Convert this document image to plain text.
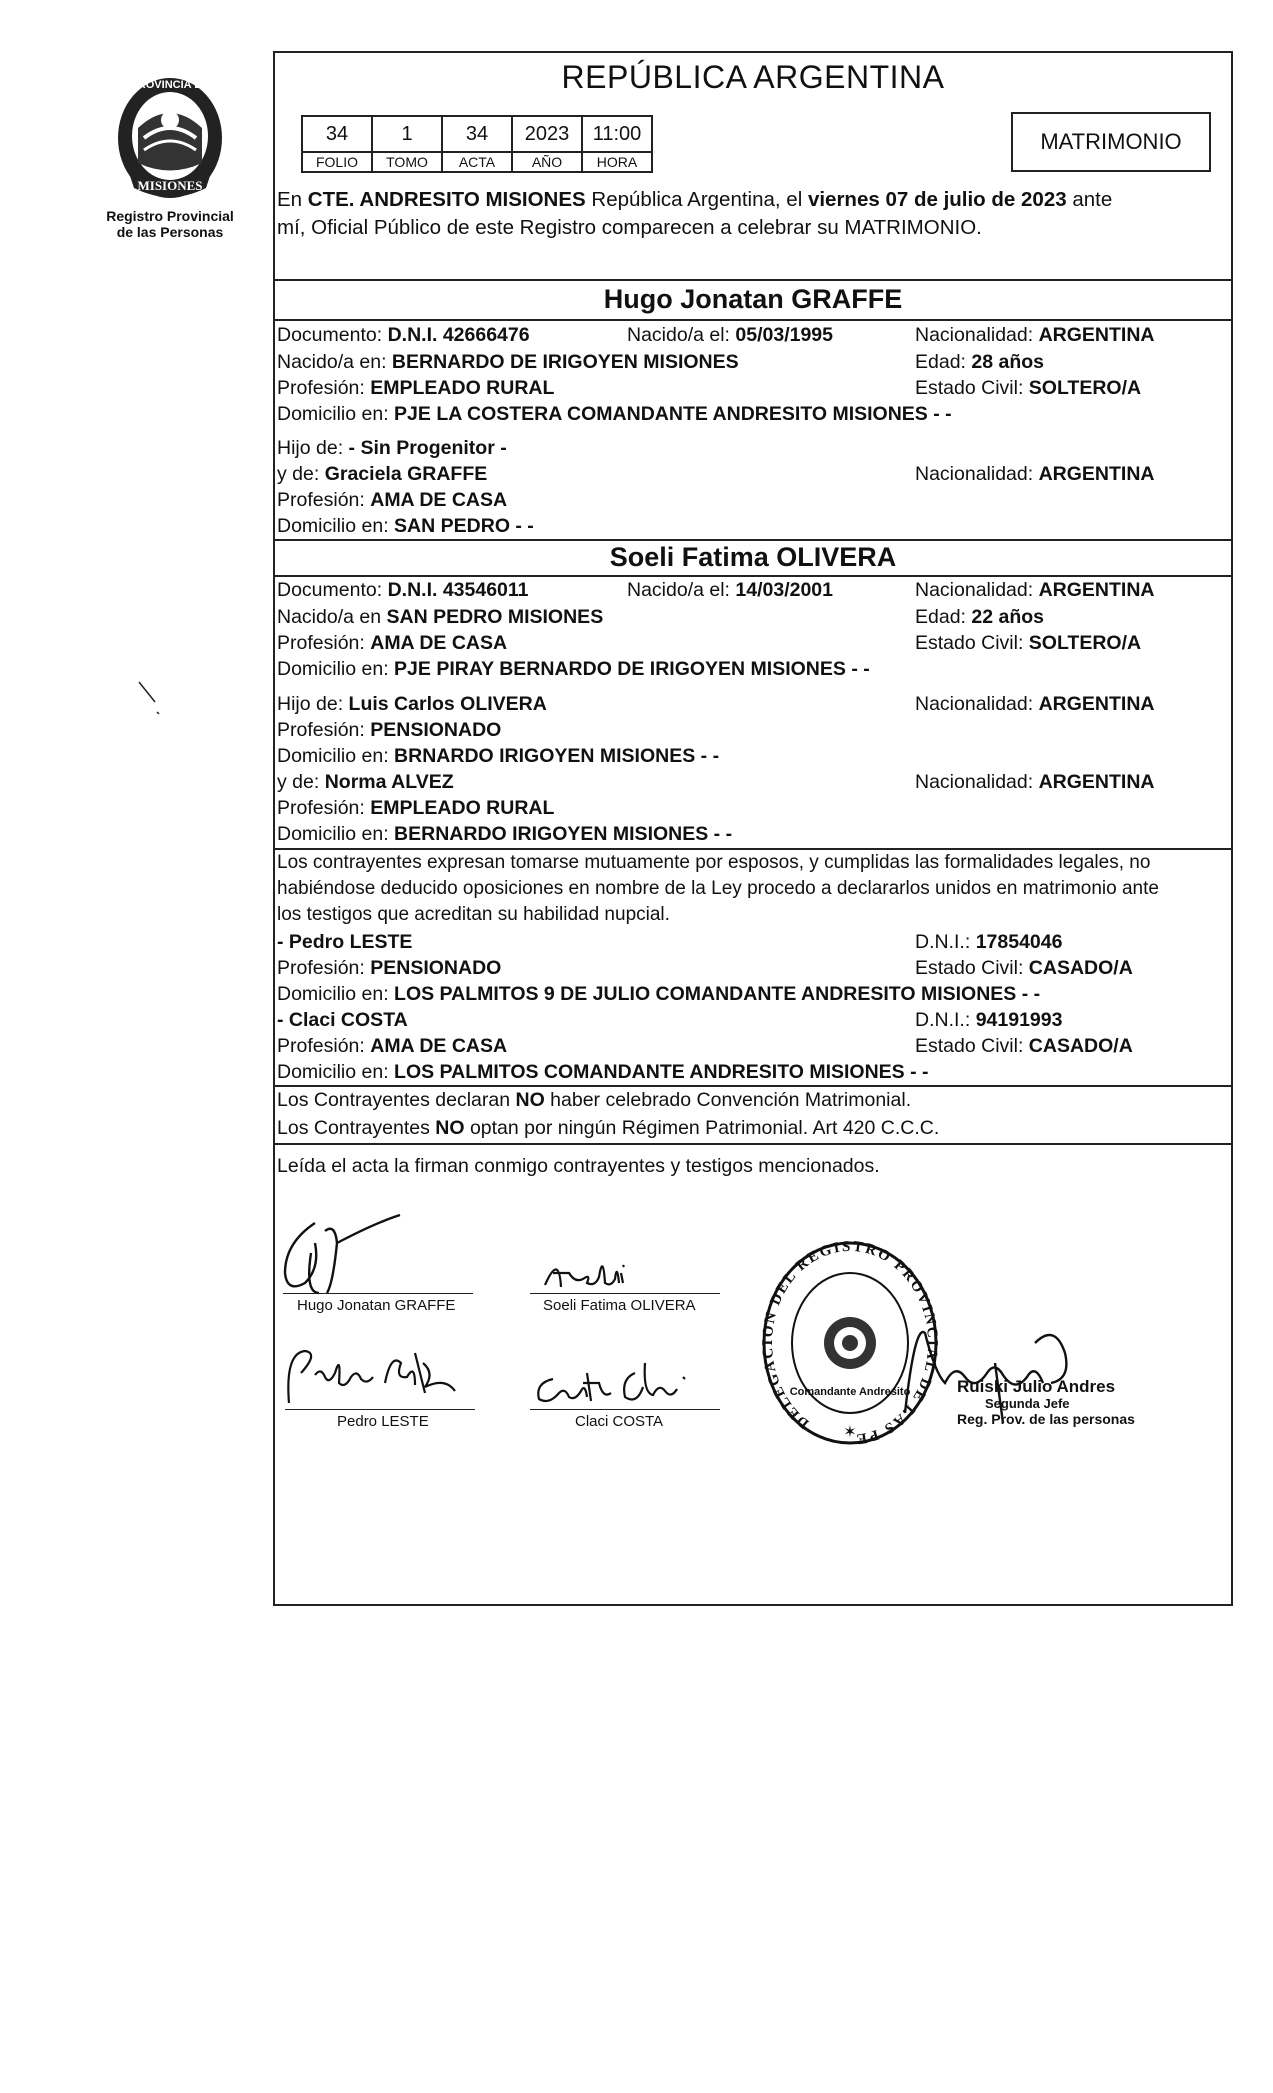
PROVINCIA DE
MISIONES
Registro Provincial
de las Personas
REPÚBLICA ARGENTINA
34	1	34	2023	11:00
FOLIO	TOMO	ACTA	AÑO	HORA
MATRIMONIO
En CTE. ANDRESITO MISIONES República Argentina, el viernes 07 de julio de 2023 ante
mí, Oficial Público de este Registro comparecen a celebrar su MATRIMONIO.
Hugo Jonatan GRAFFE
Documento: D.N.I. 42666476	Nacido/a el: 05/03/1995	Nacionalidad: ARGENTINA
Nacido/a en: BERNARDO DE IRIGOYEN MISIONES	Edad: 28 años
Profesión: EMPLEADO RURAL	Estado Civil: SOLTERO/A
Domicilio en: PJE LA COSTERA COMANDANTE ANDRESITO MISIONES - -
Hijo de: - Sin Progenitor -
y de: Graciela GRAFFE	Nacionalidad: ARGENTINA
Profesión: AMA DE CASA
Domicilio en: SAN PEDRO - -
Soeli Fatima OLIVERA
Documento: D.N.I. 43546011	Nacido/a el: 14/03/2001	Nacionalidad: ARGENTINA
Nacido/a en SAN PEDRO MISIONES	Edad: 22 años
Profesión: AMA DE CASA	Estado Civil: SOLTERO/A
Domicilio en: PJE PIRAY BERNARDO DE IRIGOYEN MISIONES - -
Hijo de: Luis Carlos OLIVERA	Nacionalidad: ARGENTINA
Profesión: PENSIONADO
Domicilio en: BRNARDO IRIGOYEN MISIONES - -
y de: Norma ALVEZ	Nacionalidad: ARGENTINA
Profesión: EMPLEADO RURAL
Domicilio en: BERNARDO IRIGOYEN MISIONES - -
Los contrayentes expresan tomarse mutuamente por esposos, y cumplidas las formalidades legales, no
habiéndose deducido oposiciones en nombre de la Ley procedo a declararlos unidos en matrimonio ante
los testigos que acreditan su habilidad nupcial.
- Pedro LESTE	D.N.I.: 17854046
Profesión: PENSIONADO	Estado Civil: CASADO/A
Domicilio en: LOS PALMITOS 9 DE JULIO COMANDANTE ANDRESITO MISIONES - -
- Claci COSTA	D.N.I.: 94191993
Profesión: AMA DE CASA	Estado Civil: CASADO/A
Domicilio en: LOS PALMITOS COMANDANTE ANDRESITO MISIONES - -
Los Contrayentes declaran NO haber celebrado Convención Matrimonial.
Los Contrayentes NO optan por ningún Régimen Patrimonial. Art 420 C.C.C.
Leída el acta la firman conmigo contrayentes y testigos mencionados.
Hugo Jonatan GRAFFE	Soeli Fatima OLIVERA
Pedro LESTE	Claci COSTA	DELEGACION DEL REGISTRO PROVINCIAL DE LAS PERSONAS
Comandante Andresito
✶
Ruiski Julio Andres
Segunda Jefe
Reg. Prov. de las personas
